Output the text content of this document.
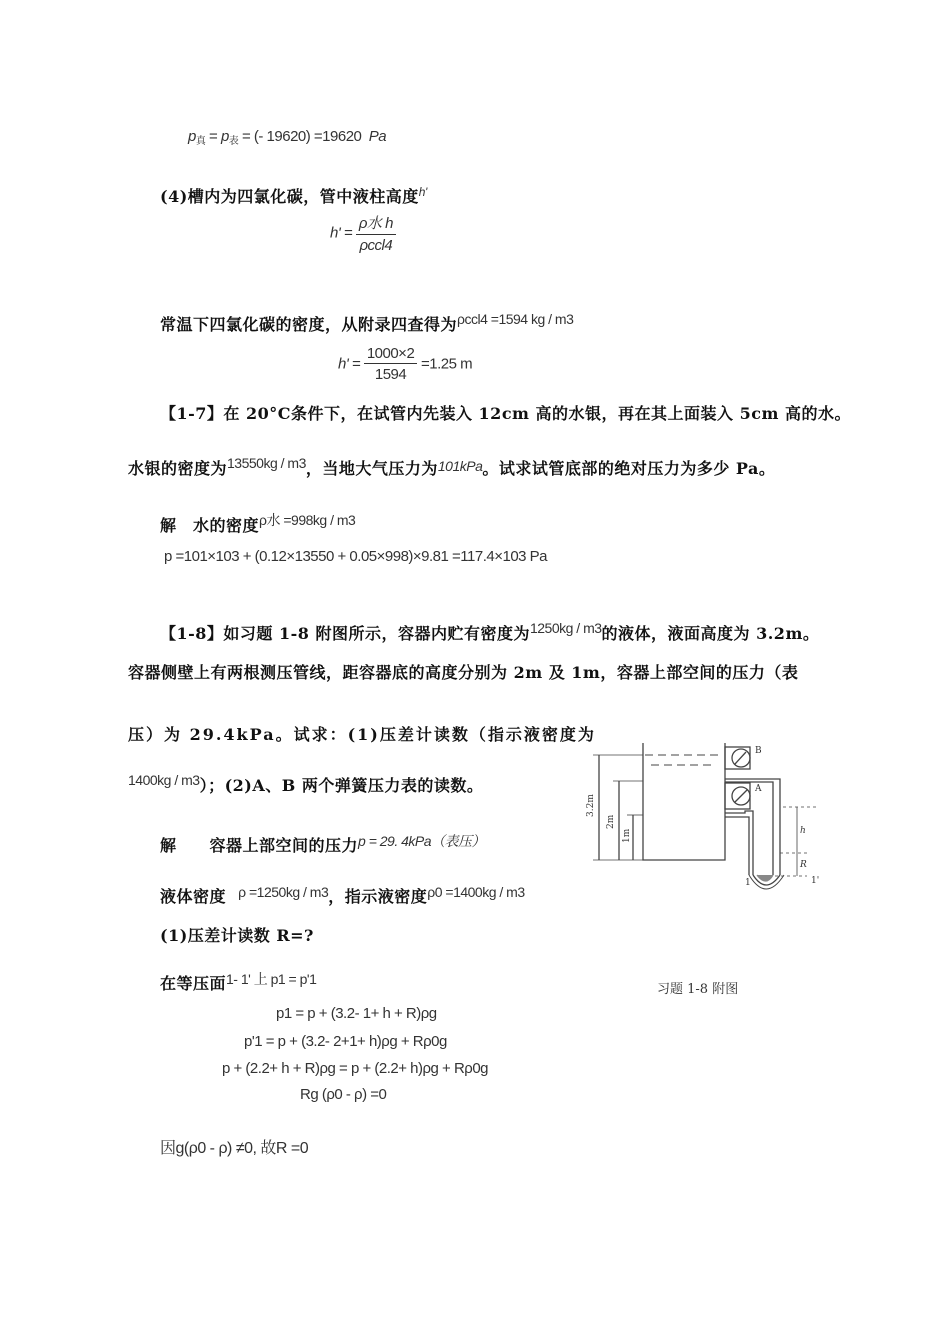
$p_真 = p_表$ = (- 19620) =19620  Pa
(4)槽内为四氯化碳，管中液柱高度$^{h'}$
$h' = \frac{\text{ρ水 h}}{\text{ρccl4}}$
常温下四氯化碳的密度，从附录四查得为ρccl4 =1594 kg / m3
$h' = \frac{1000\times 2}{1594} =1.25$ m
【1-7】在 20°C条件下，在试管内先装入 12cm 高的水银，再在其上面装入 5cm 高的水。
水银的密度为13550kg / m3，当地大气压力为101kPa。试求试管底部的绝对压力为多少 Pa。
解　水的密度ρ水 =998kg / m3
p =101×103 + (0.12×13550 + 0.05×998)×9.81 =117.4×103 Pa
【1-8】如习题 1-8 附图所示，容器内贮有密度为1250kg / m3的液体，液面高度为 3.2m。
容器侧壁上有两根测压管线，距容器底的高度分别为 2m 及 1m，容器上部空间的压力（表
压）为 29.4kPa。试求：(1)压差计读数（指示液密度为
1400kg / m3）；(2)A、B 两个弹簧压力表的读数。
解　　容器上部空间的压力p = 29. 4kPa（表压）
液体密度 ρ =1250kg / m3，指示液密度ρ0 =1400kg / m3
(1)压差计读数 R=?
在等压面1- 1' 上 p1 = p'1
p1 = p + (3.2- 1+ h + R)ρg
p'1 = p + (3.2- 2+1+ h)ρg + Rρ0g
p + (2.2+ h + R)ρg = p + (2.2+ h)ρg + Rρ0g
Rg (ρ0 - ρ) =0
因g(ρ0 - ρ) ≠0, 故R =0
B
A
3.2m
2m
1m	h
R
1	1'
习题 1-8 附图
